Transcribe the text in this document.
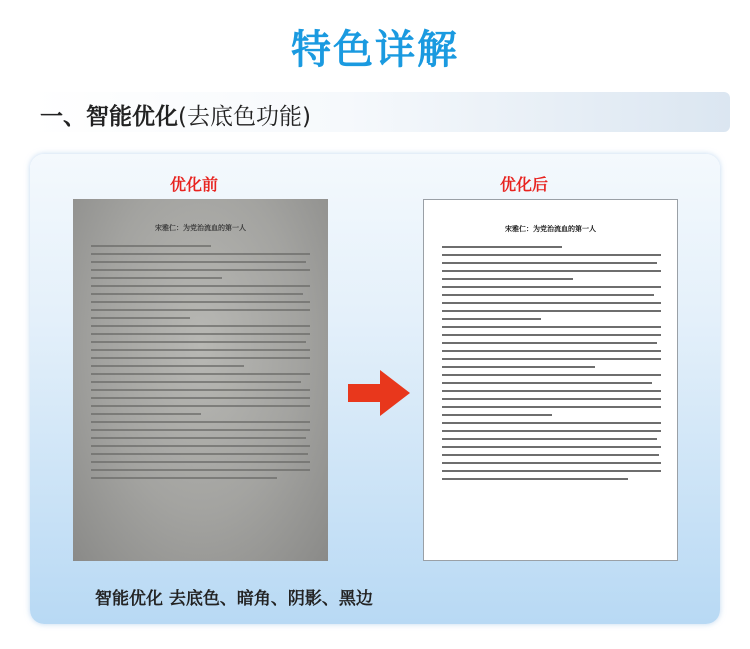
特色详解
一、智能优化(去底色功能)
优化前	优化后
宋雅仁：为党治流血的第一人	宋雅仁：为党治流血的第一人
智能优化 去底色、暗角、阴影、黑边
